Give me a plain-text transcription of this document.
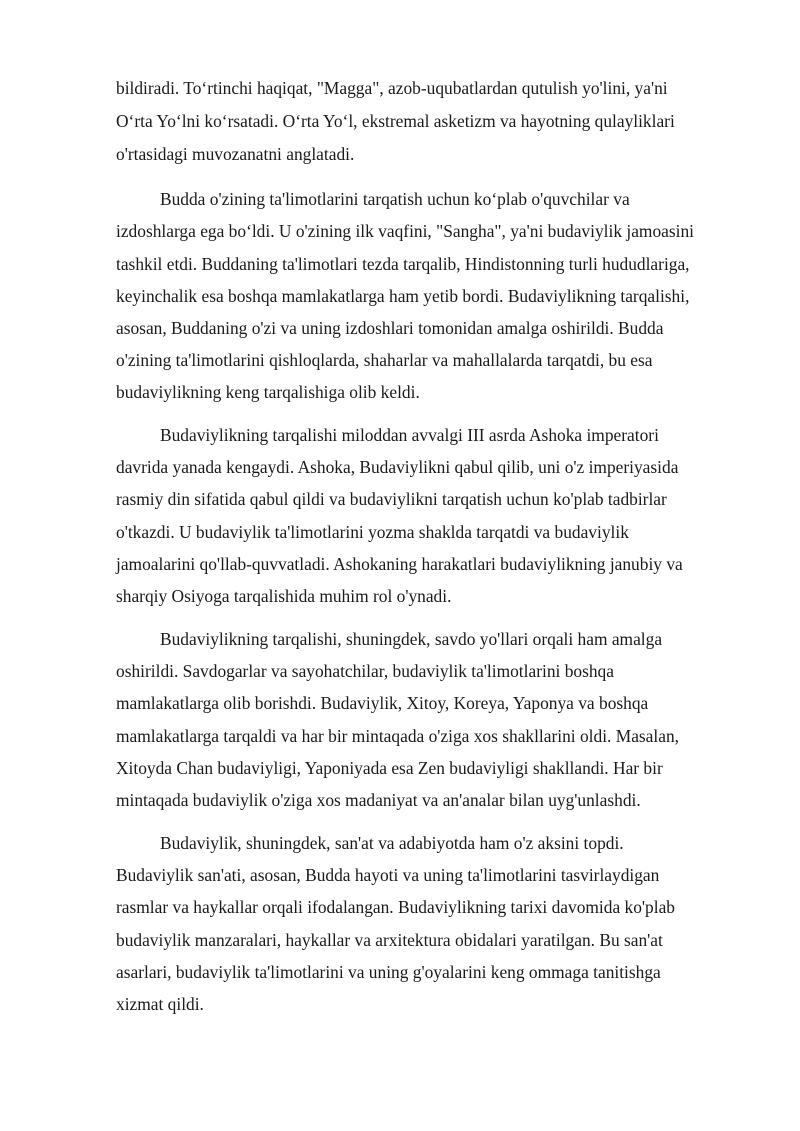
bildiradi. To‘rtinchi haqiqat, "Magga", azob-uqubatlardan qutulish yo'lini, ya'ni
O‘rta Yo‘lni ko‘rsatadi. O‘rta Yo‘l, ekstremal asketizm va hayotning qulayliklari
o'rtasidagi muvozanatni anglatadi.
Budda o'zining ta'limotlarini tarqatish uchun ko‘plab o'quvchilar va
izdoshlarga ega bo‘ldi. U o'zining ilk vaqfini, "Sangha", ya'ni budaviylik jamoasini
tashkil etdi. Buddaning ta'limotlari tezda tarqalib, Hindistonning turli hududlariga,
keyinchalik esa boshqa mamlakatlarga ham yetib bordi. Budaviylikning tarqalishi,
asosan, Buddaning o'zi va uning izdoshlari tomonidan amalga oshirildi. Budda
o'zining ta'limotlarini qishloqlarda, shaharlar va mahallalarda tarqatdi, bu esa
budaviylikning keng tarqalishiga olib keldi.
Budaviylikning tarqalishi miloddan avvalgi III asrda Ashoka imperatori
davrida yanada kengaydi. Ashoka, Budaviylikni qabul qilib, uni o'z imperiyasida
rasmiy din sifatida qabul qildi va budaviylikni tarqatish uchun ko'plab tadbirlar
o'tkazdi. U budaviylik ta'limotlarini yozma shaklda tarqatdi va budaviylik
jamoalarini qo'llab-quvvatladi. Ashokaning harakatlari budaviylikning janubiy va
sharqiy Osiyoga tarqalishida muhim rol o'ynadi.
Budaviylikning tarqalishi, shuningdek, savdo yo'llari orqali ham amalga
oshirildi. Savdogarlar va sayohatchilar, budaviylik ta'limotlarini boshqa
mamlakatlarga olib borishdi. Budaviylik, Xitoy, Koreya, Yaponya va boshqa
mamlakatlarga tarqaldi va har bir mintaqada o'ziga xos shakllarini oldi. Masalan,
Xitoyda Chan budaviyligi, Yaponiyada esa Zen budaviyligi shakllandi. Har bir
mintaqada budaviylik o'ziga xos madaniyat va an'analar bilan uyg'unlashdi.
Budaviylik, shuningdek, san'at va adabiyotda ham o'z aksini topdi.
Budaviylik san'ati, asosan, Budda hayoti va uning ta'limotlarini tasvirlaydigan
rasmlar va haykallar orqali ifodalangan. Budaviylikning tarixi davomida ko'plab
budaviylik manzaralari, haykallar va arxitektura obidalari yaratilgan. Bu san'at
asarlari, budaviylik ta'limotlarini va uning g'oyalarini keng ommaga tanitishga
xizmat qildi.
